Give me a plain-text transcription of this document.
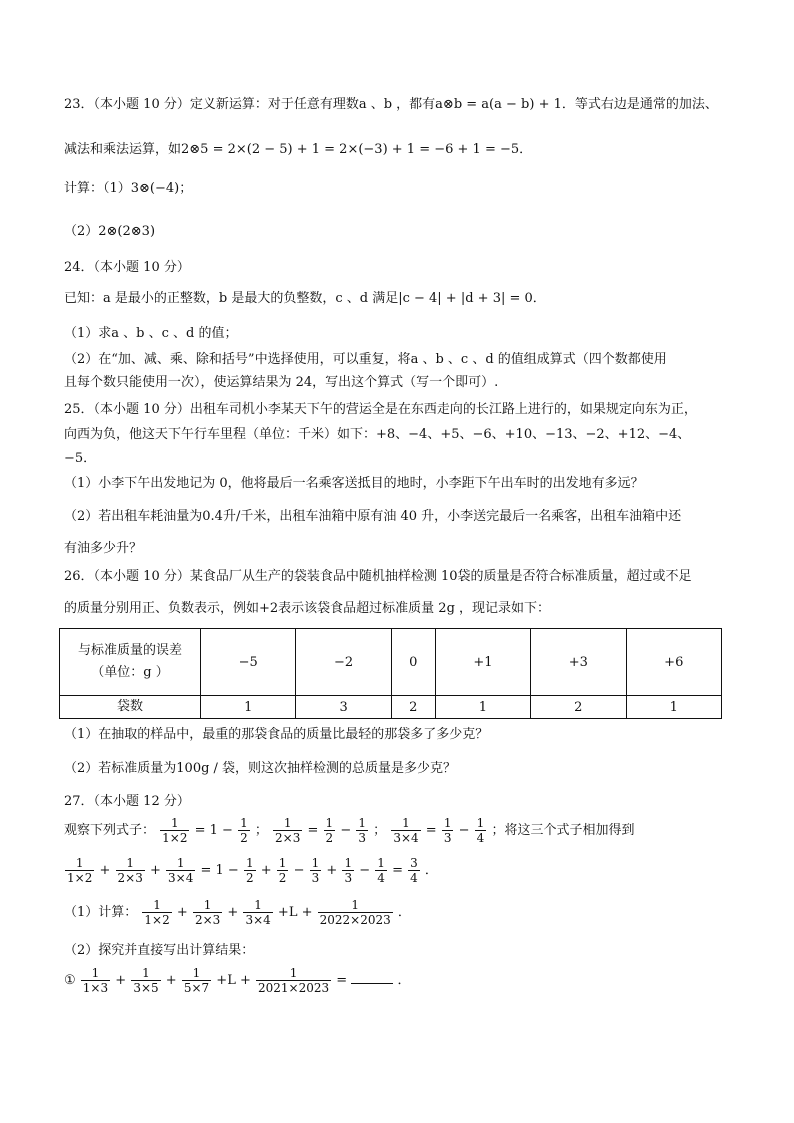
23．（本小题 10 分）定义新运算：对于任意有理数a 、b ，都有a⊗b = a(a − b) + 1．等式右边是通常的加法、
减法和乘法运算，如2⊗5 = 2×(2 − 5) + 1 = 2×(−3) + 1 = −6 + 1 = −5．
计算：（1）3⊗(−4)；
（2）2⊗(2⊗3)
24．（本小题 10 分）
已知：a 是最小的正整数，b 是最大的负整数，c 、d 满足|c − 4| + |d + 3| = 0．
（1）求a 、b 、c 、d 的值；
（2）在“加、减、乘、除和括号”中选择使用，可以重复，将a 、b 、c 、d 的值组成算式（四个数都使用
且每个数只能使用一次），使运算结果为 24，写出这个算式（写一个即可）.
25．（本小题 10 分）出租车司机小李某天下午的营运全是在东西走向的长江路上进行的，如果规定向东为正，
向西为负，他这天下午行车里程（单位：千米）如下：+8、−4、+5、−6、+10、−13、−2、+12、−4、
−5．
（1）小李下午出发地记为 0，他将最后一名乘客送抵目的地时，小李距下午出车时的出发地有多远？
（2）若出租车耗油量为0.4升/千米，出租车油箱中原有油 40 升，小李送完最后一名乘客，出租车油箱中还
有油多少升？
26．（本小题 10 分）某食品厂从生产的袋装食品中随机抽样检测 10袋的质量是否符合标准质量，超过或不足
的质量分别用正、负数表示，例如+2表示该袋食品超过标准质量 2g ，现记录如下：
与标准质量的误差
（单位：g ）	−5	−2	0	+1	+3	+6
袋数	1	3	2	1	2	1
（1）在抽取的样品中，最重的那袋食品的质量比最轻的那袋多了多少克？
（2）若标准质量为100g / 袋，则这次抽样检测的总质量是多少克？
27．（本小题 12 分）
观察下列式子： $\frac{1}{1\times 2} = 1 - \frac{1}{2}$ ； $\frac{1}{2\times 3} = \frac{1}{2} - \frac{1}{3}$ ； $\frac{1}{3\times 4} = \frac{1}{3} - \frac{1}{4}$ ；将这三个式子相加得到
$\frac{1}{1\times 2} + \frac{1}{2\times 3} + \frac{1}{3\times 4} = 1 - \frac{1}{2} + \frac{1}{2} - \frac{1}{3} + \frac{1}{3} - \frac{1}{4} = \frac{3}{4}$ ．
（1）计算： $\frac{1}{1\times 2} + \frac{1}{2\times 3} + \frac{1}{3\times 4} +L + \frac{1}{2022\times 2023}$ ．
（2）探究并直接写出计算结果：
① $\frac{1}{1\times 3} + \frac{1}{3\times 5} + \frac{1}{5\times 7} +L + \frac{1}{2021\times 2023}$ =	．
